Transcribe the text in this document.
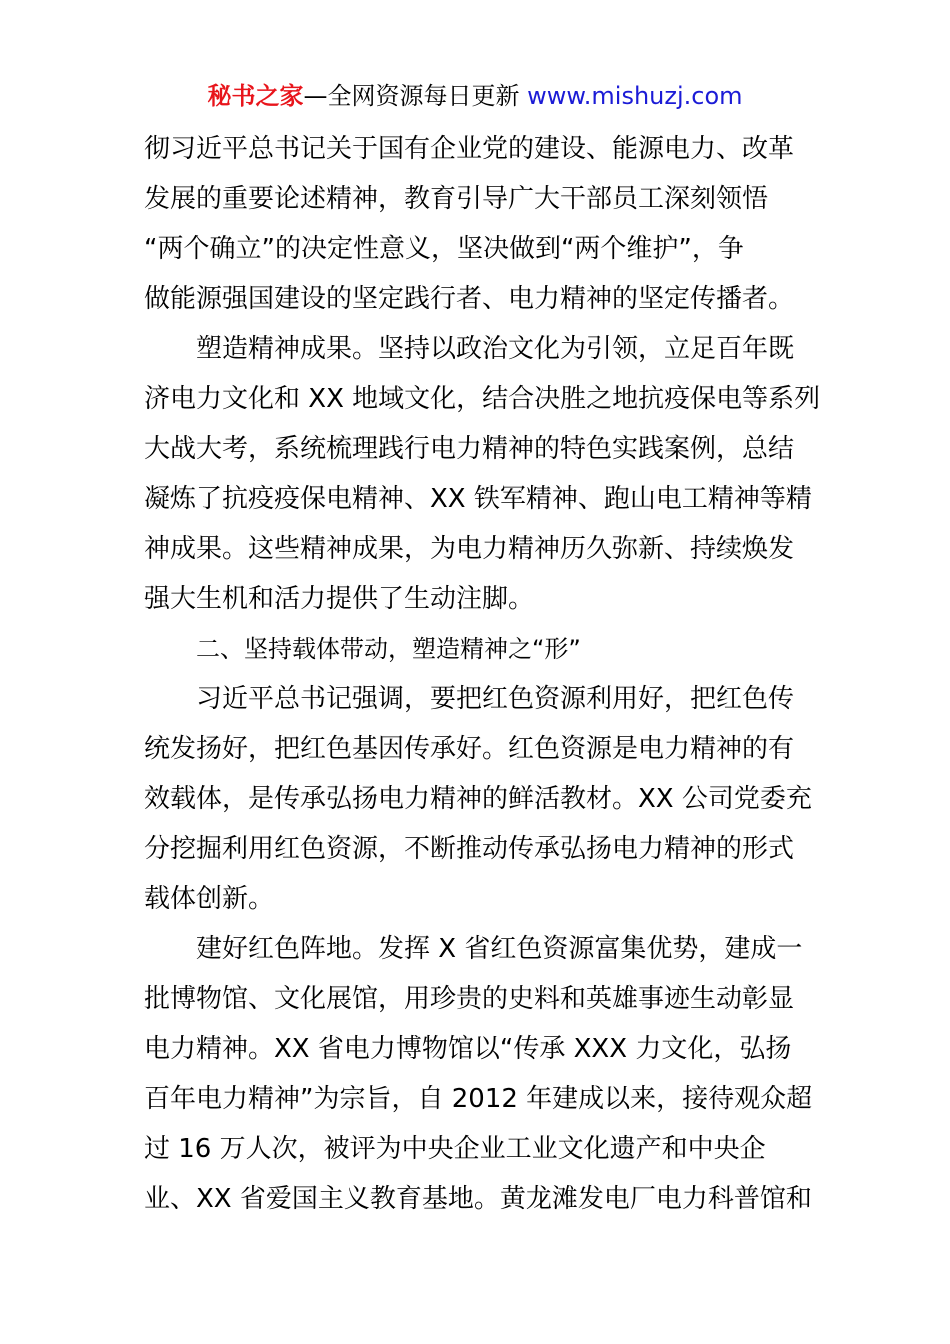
秘书之家—全网资源每日更新 www.mishuzj.com
彻习近平总书记关于国有企业党的建设、能源电力、改革
发展的重要论述精神，教育引导广大干部员工深刻领悟
“两个确立”的决定性意义，坚决做到“两个维护”，争
做能源强国建设的坚定践行者、电力精神的坚定传播者。
塑造精神成果。坚持以政治文化为引领，立足百年既
济电力文化和 XX 地域文化，结合决胜之地抗疫保电等系列
大战大考，系统梳理践行电力精神的特色实践案例，总结
凝炼了抗疫疫保电精神、XX 铁军精神、跑山电工精神等精
神成果。这些精神成果，为电力精神历久弥新、持续焕发
强大生机和活力提供了生动注脚。
二、坚持载体带动，塑造精神之“形”
习近平总书记强调，要把红色资源利用好，把红色传
统发扬好，把红色基因传承好。红色资源是电力精神的有
效载体，是传承弘扬电力精神的鲜活教材。XX 公司党委充
分挖掘利用红色资源，不断推动传承弘扬电力精神的形式
载体创新。
建好红色阵地。发挥 X 省红色资源富集优势，建成一
批博物馆、文化展馆，用珍贵的史料和英雄事迹生动彰显
电力精神。XX 省电力博物馆以“传承 XXX 力文化，弘扬
百年电力精神”为宗旨，自 2012 年建成以来，接待观众超
过 16 万人次，被评为中央企业工业文化遗产和中央企
业、XX 省爱国主义教育基地。黄龙滩发电厂电力科普馆和
